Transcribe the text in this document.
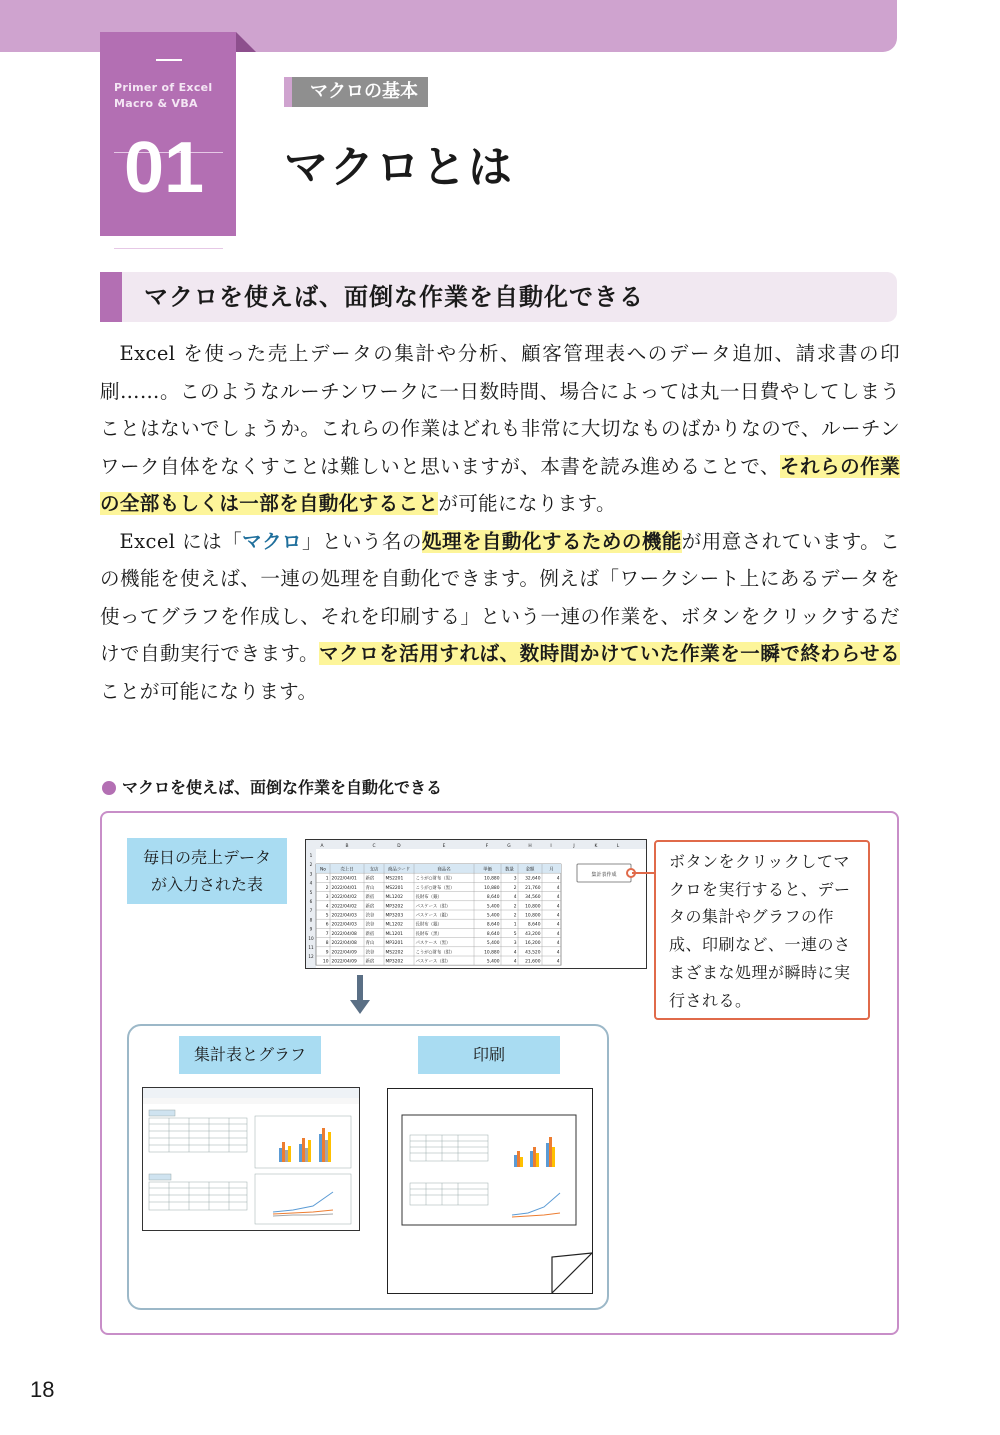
Primer of Excel
Macro & VBA
01
マクロの基本
マクロとは
マクロを使えば、面倒な作業を自動化できる

Excel を使った売上データの集計や分析、顧客管理表へのデータ追加、請求書の印刷……。このようなルーチンワークに一日数時間、場合によっては丸一日費やしてしまうことはないでしょうか。これらの作業はどれも非常に大切なものばかりなので、ルーチンワーク自体をなくすことは難しいと思いますが、本書を読み進めることで、それらの作業の全部もしくは一部を自動化することが可能になります。

Excel には「マクロ」という名の処理を自動化するための機能が用意されています。この機能を使えば、一連の処理を自動化できます。例えば「ワークシート上にあるデータを使ってグラフを作成し、それを印刷する」という一連の作業を、ボタンをクリックするだけで自動実行できます。マクロを活用すれば、数時間かけていた作業を一瞬で終わらせることが可能になります。

マクロを使えば、面倒な作業を自動化できる
毎日の売上データが入力された表
A	B	C	D	E	F	G	H	I	J	K	L
1
2
3
4
5
6
7
8
9
10
11
12
No	売上日	支店 商品コード	商品名	単価	数量	金額	月
1 2022/04/01 新宿	MS2201	こうが○財布（黒）	10,880	3 32,640	4
2 2022/04/01 青山	MS2201	こうが○財布（黒）	10,880	2 21,760	4
3 2022/04/02 新宿	ML1202	長財布（銀）	8,640	4 34,560	4
4 2022/04/02 新宿	MP3202	パスケース（紺）	5,400	2 10,800	4
5 2022/04/03 渋谷	MP3203	パスケース（銀）	5,400	2 10,800	4
6 2022/04/03 渋谷	ML1202	長財布（銀）	8,640	1	8,640	4
7 2022/04/08 新宿	ML1201	長財布（黒）	8,640	5 43,200	4
8 2022/04/08 青山	MP3201	パスケース（黒）	5,400	3 16,200	4
9 2022/04/09 渋谷	MS2202	こうが○財布（紺）	10,880	4 43,520	4
10 2022/04/09 新宿	MP3202	パスケース（紺）	5,400	4 21,600	4
集計表作成
ボタンをクリックしてマクロを実行すると、データの集計やグラフの作成、印刷など、一連のさまざまな処理が瞬時に実行される。
集計表とグラフ	印刷
18
